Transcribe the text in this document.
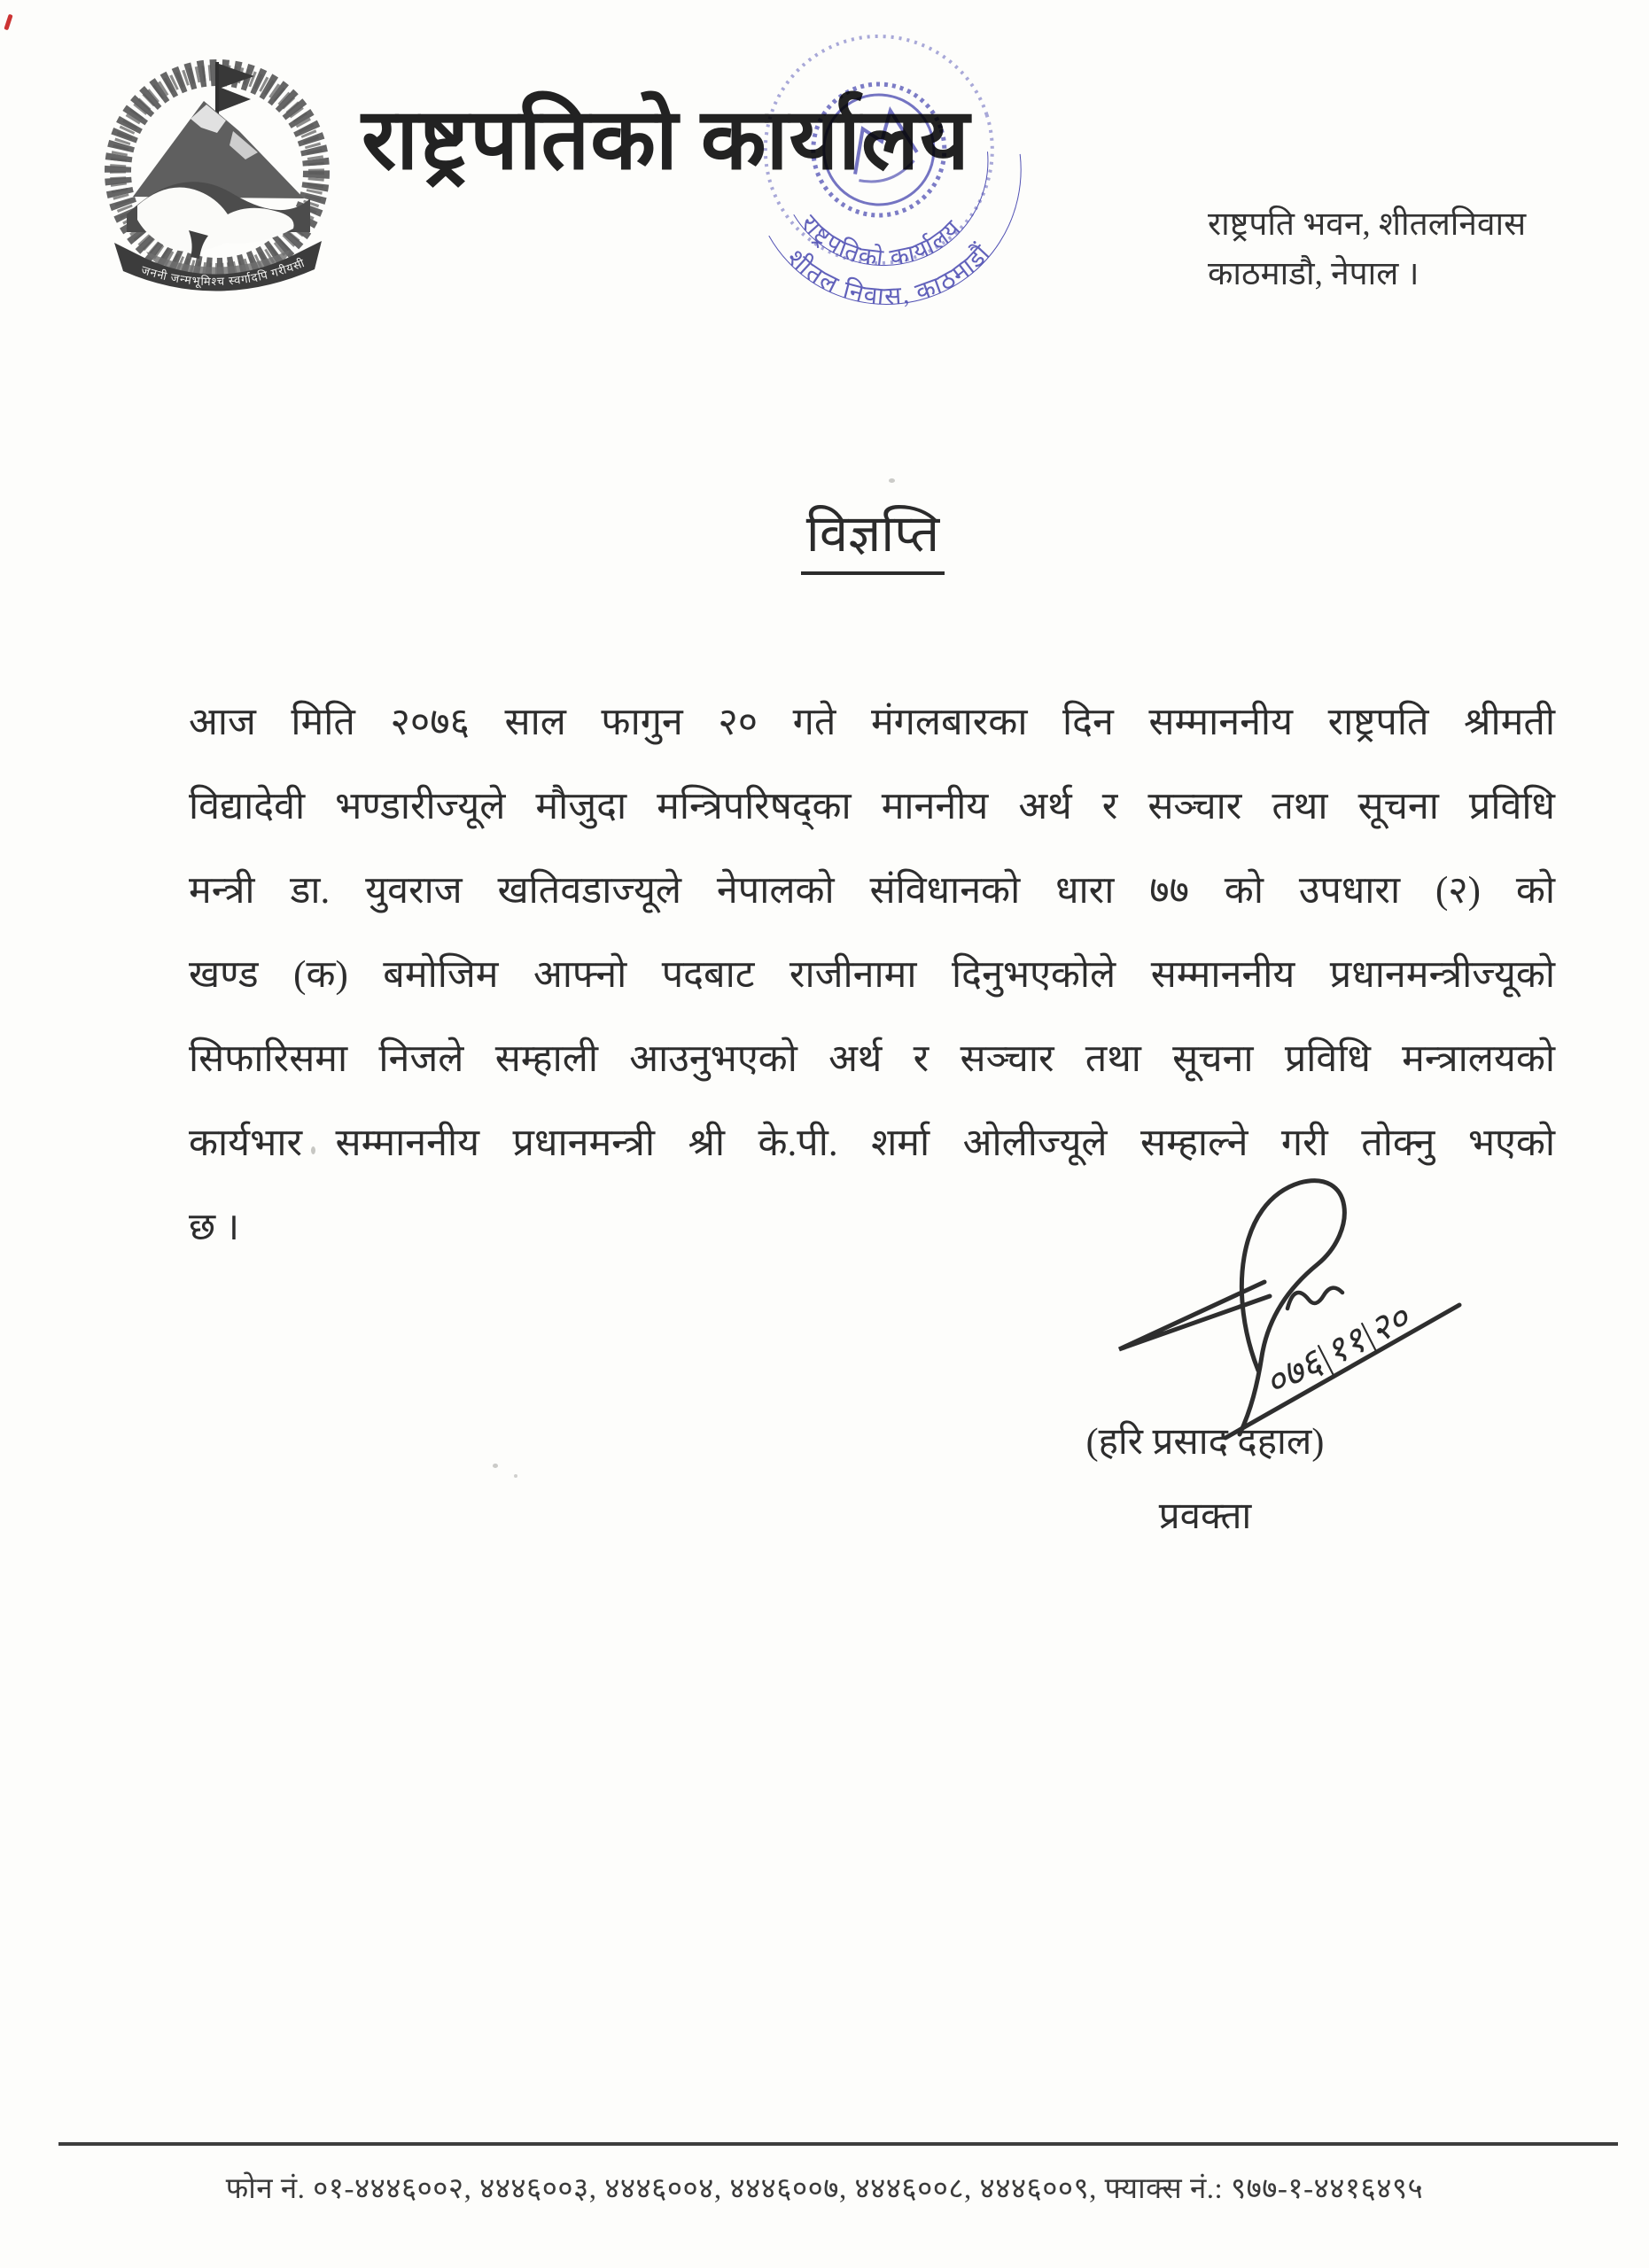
जननी जन्मभूमिश्च स्वर्गादपि गरीयसी
राष्ट्रपतिको कार्यालय
राष्ट्रपतिको कार्यालय
शीतल निवास, काठमाडौं
राष्ट्रपति भवन, शीतलनिवास
काठमाडौ, नेपाल ।
विज्ञप्ति
आज मिति २०७६ साल फागुन २० गते मंगलबारका दिन सम्माननीय राष्ट्रपति श्रीमती
विद्यादेवी भण्डारीज्यूले मौजुदा मन्त्रिपरिषद्का माननीय अर्थ र सञ्चार तथा सूचना प्रविधि
मन्त्री डा. युवराज खतिवडाज्यूले नेपालको संविधानको धारा ७७ को उपधारा (२) को
खण्ड (क) बमोजिम आफ्नो पदबाट राजीनामा दिनुभएकोले सम्माननीय प्रधानमन्त्रीज्यूको
सिफारिसमा निजले सम्हाली आउनुभएको अर्थ र सञ्चार तथा सूचना प्रविधि मन्त्रालयको
कार्यभार सम्माननीय प्रधानमन्त्री श्री के.पी. शर्मा ओलीज्यूले सम्हाल्ने गरी तोक्नु भएको
छ ।
०७६|११|२०
(हरि प्रसाद दहाल)
प्रवक्ता
फोन नं. ०१-४४४६००२, ४४४६००३, ४४४६००४, ४४४६००७, ४४४६००८, ४४४६००९, फ्याक्स नं.: ९७७-१-४४१६४९५
